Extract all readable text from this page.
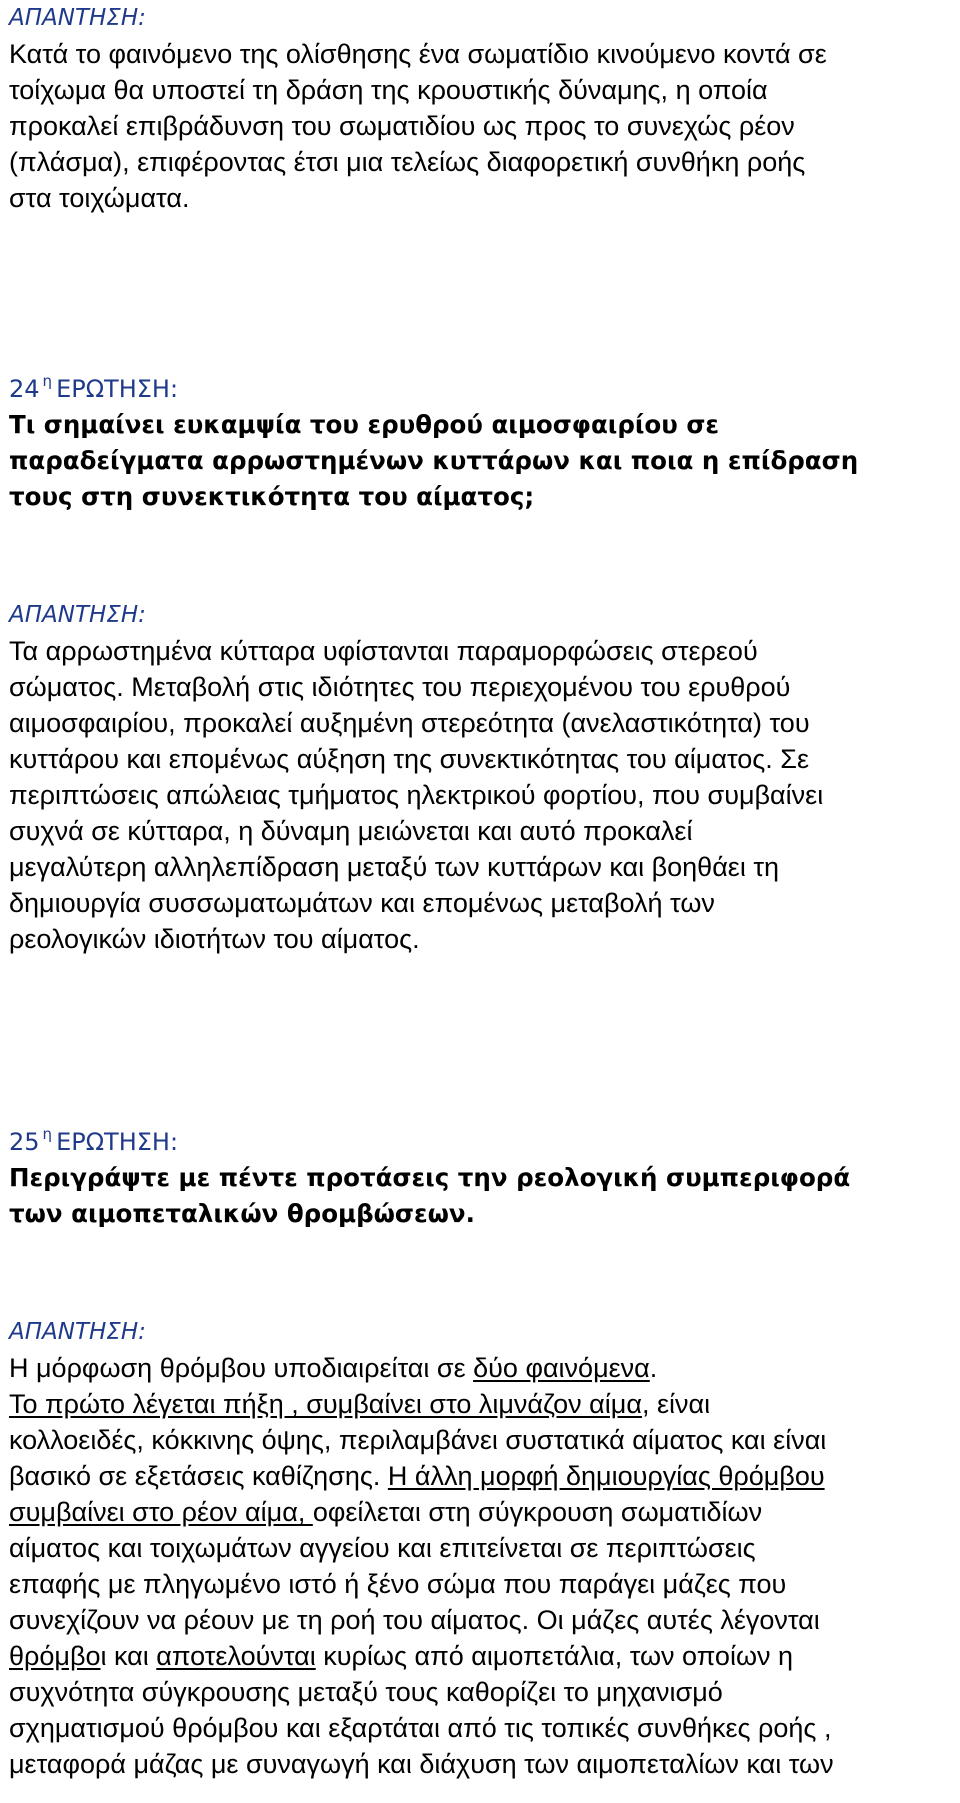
ΑΠΑΝΤΗΣΗ:
Κατά το φαινόμενο της ολίσθησης ένα σωματίδιο κινούμενο κοντά σε
τοίχωμα θα υποστεί τη δράση της κρουστικής δύναμης, η οποία
προκαλεί επιβράδυνση του σωματιδίου ως προς το συνεχώς ρέον
(πλάσμα), επιφέροντας έτσι μια τελείως διαφορετική συνθήκη ροής
στα τοιχώματα.
24 $^\eta$ ΕΡΩΤΗΣΗ:
Τι σημαίνει ευκαμψία του ερυθρού αιμοσφαιρίου σε
παραδείγματα αρρωστημένων κυττάρων και ποια η επίδραση
τους στη συνεκτικότητα του αίματος;
ΑΠΑΝΤΗΣΗ:
Τα αρρωστημένα κύτταρα υφίστανται παραμορφώσεις στερεού
σώματος. Μεταβολή στις ιδιότητες του περιεχομένου του ερυθρού
αιμοσφαιρίου, προκαλεί αυξημένη στερεότητα (ανελαστικότητα) του
κυττάρου και επομένως αύξηση της συνεκτικότητας του αίματος. Σε
περιπτώσεις απώλειας τμήματος ηλεκτρικού φορτίου, που συμβαίνει
συχνά σε κύτταρα, η δύναμη μειώνεται και αυτό προκαλεί
μεγαλύτερη αλληλεπίδραση μεταξύ των κυττάρων και βοηθάει τη
δημιουργία συσσωματωμάτων και επομένως μεταβολή των
ρεολογικών ιδιοτήτων του αίματος.
25 $^\eta$ ΕΡΩΤΗΣΗ:
Περιγράψτε με πέντε προτάσεις την ρεολογική συμπεριφορά
των αιμοπεταλικών θρομβώσεων.
ΑΠΑΝΤΗΣΗ:
Η μόρφωση θρόμβου υποδιαιρείται σε δύο φαινόμενα.
Το πρώτο λέγεται πήξη , συμβαίνει στο λιμνάζον αίμα, είναι
κολλοειδές, κόκκινης όψης, περιλαμβάνει συστατικά αίματος και είναι
βασικό σε εξετάσεις καθίζησης. Η άλλη μορφή δημιουργίας θρόμβου
συμβαίνει στο ρέον αίμα, οφείλεται στη σύγκρουση σωματιδίων
αίματος και τοιχωμάτων αγγείου και επιτείνεται σε περιπτώσεις
επαφής με πληγωμένο ιστό ή ξένο σώμα που παράγει μάζες που
συνεχίζουν να ρέουν με τη ροή του αίματος. Οι μάζες αυτές λέγονται
θρόμβοι και αποτελούνται κυρίως από αιμοπετάλια, των οποίων η
συχνότητα σύγκρουσης μεταξύ τους καθορίζει το μηχανισμό
σχηματισμού θρόμβου και εξαρτάται από τις τοπικές συνθήκες ροής ,
μεταφορά μάζας με συναγωγή και διάχυση των αιμοπεταλίων και των
